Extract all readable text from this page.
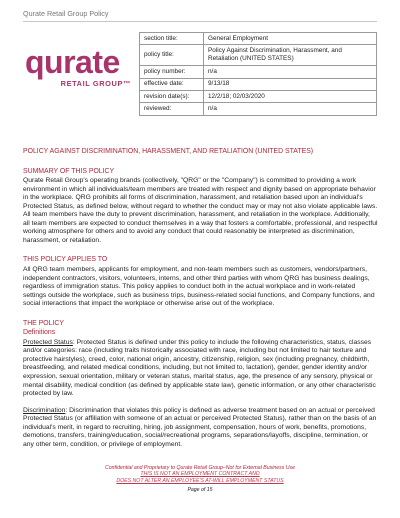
Qurate Retail Group Policy
qurate
RETAIL GROUP™
section title:	General Employment
policy title:	Policy Against Discrimination, Harassment, and Retaliation (UNITED STATES)
policy number:	n/a
effective date:	9/13/18
revision date(s):	12/2/18; 02/03/2020
reviewed:	n/a
POLICY AGAINST DISCRIMINATION, HARASSMENT, AND RETALIATION (UNITED STATES)
SUMMARY OF THIS POLICY
Qurate Retail Group's operating brands (collectively, "QRG" or the "Company") is committed to providing a work environment in which all individuals/team members are treated with respect and dignity based on appropriate behavior in the workplace. QRG prohibits all forms of discrimination, harassment, and retaliation based upon an individual's Protected Status, as defined below, without regard to whether the conduct may or may not also violate applicable laws. All team members have the duty to prevent discrimination, harassment, and retaliation in the workplace. Additionally, all team members are expected to conduct themselves in a way that fosters a comfortable, professional, and respectful working atmosphere for others and to avoid any conduct that could reasonably be interpreted as discrimination, harassment, or retaliation.
THIS POLICY APPLIES TO
All QRG team members, applicants for employment, and non-team members such as customers, vendors/partners, independent contractors, visitors, volunteers, interns, and other third parties with whom QRG has business dealings, regardless of immigration status. This policy applies to conduct both in the actual workplace and in work-related settings outside the workplace, such as business trips, business-related social functions, and Company functions, and social interactions that impact the workplace or otherwise arise out of the workplace.
THE POLICY
Definitions
Protected Status: Protected Status is defined under this policy to include the following characteristics, status, classes and/or categories: race (including traits historically associated with race, including but not limited to hair texture and protective hairstyles), creed, color, national origin, ancestry, citizenship, religion, sex (including pregnancy, childbirth, breastfeeding, and related medical conditions, including, but not limited to, lactation), gender, gender identity and/or expression, sexual orientation, military or veteran status, marital status, age, the presence of any sensory, physical or mental disability, medical condition (as defined by applicable state law), genetic information, or any other characteristic protected by law.
Discrimination: Discrimination that violates this policy is defined as adverse treatment based on an actual or perceived Protected Status (or affiliation with someone of an actual or perceived Protected Status), rather than on the basis of an individual's merit, in regard to recruiting, hiring, job assignment, compensation, hours of work, benefits, promotions, demotions, transfers, training/education, social/recreational programs, separations/layoffs, discipline, termination, or any other term, condition, or privilege of employment.
Confidential and Proprietary to Qurate Retail Group–Not for External Business Use
THIS IS NOT AN EMPLOYMENT CONTRACT AND
DOES NOT ALTER AN EMPLOYEE'S AT-WILL EMPLOYMENT STATUS
Page of 15
